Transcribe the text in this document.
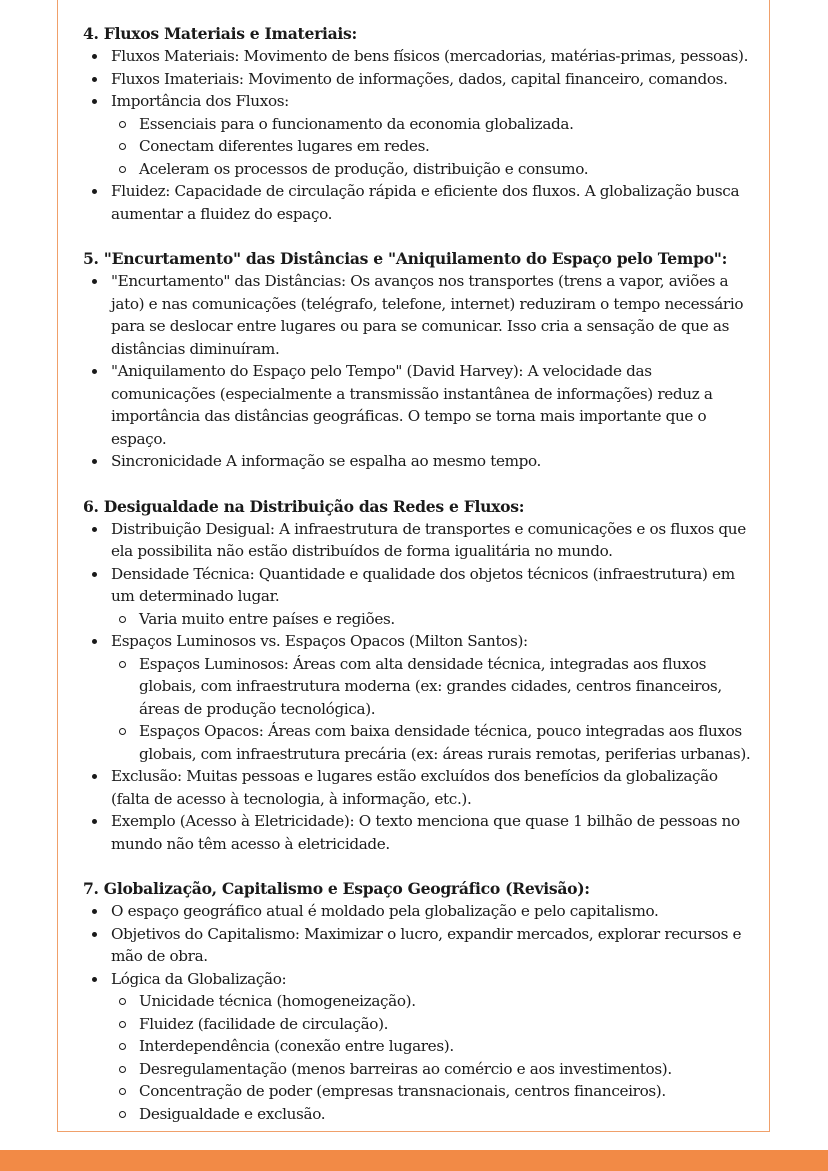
4. Fluxos Materiais e Imateriais:
Fluxos Materiais: Movimento de bens físicos (mercadorias, matérias-primas, pessoas).
Fluxos Imateriais: Movimento de informações, dados, capital financeiro, comandos.
Importância dos Fluxos:
Essenciais para o funcionamento da economia globalizada.
Conectam diferentes lugares em redes.
Aceleram os processos de produção, distribuição e consumo.
Fluidez: Capacidade de circulação rápida e eficiente dos fluxos. A globalização busca aumentar a fluidez do espaço.
5. "Encurtamento" das Distâncias e "Aniquilamento do Espaço pelo Tempo":
"Encurtamento" das Distâncias: Os avanços nos transportes (trens a vapor, aviões a jato) e nas comunicações (telégrafo, telefone, internet) reduziram o tempo necessário para se deslocar entre lugares ou para se comunicar. Isso cria a sensação de que as distâncias diminuíram.
"Aniquilamento do Espaço pelo Tempo" (David Harvey): A velocidade das comunicações (especialmente a transmissão instantânea de informações) reduz a importância das distâncias geográficas. O tempo se torna mais importante que o espaço.
Sincronicidade A informação se espalha ao mesmo tempo.
6. Desigualdade na Distribuição das Redes e Fluxos:
Distribuição Desigual: A infraestrutura de transportes e comunicações e os fluxos que ela possibilita não estão distribuídos de forma igualitária no mundo.
Densidade Técnica: Quantidade e qualidade dos objetos técnicos (infraestrutura) em um determinado lugar.
Varia muito entre países e regiões.
Espaços Luminosos vs. Espaços Opacos (Milton Santos):
Espaços Luminosos: Áreas com alta densidade técnica, integradas aos fluxos globais, com infraestrutura moderna (ex: grandes cidades, centros financeiros, áreas de produção tecnológica).
Espaços Opacos: Áreas com baixa densidade técnica, pouco integradas aos fluxos globais, com infraestrutura precária (ex: áreas rurais remotas, periferias urbanas).
Exclusão: Muitas pessoas e lugares estão excluídos dos benefícios da globalização (falta de acesso à tecnologia, à informação, etc.).
Exemplo (Acesso à Eletricidade): O texto menciona que quase 1 bilhão de pessoas no mundo não têm acesso à eletricidade.
7. Globalização, Capitalismo e Espaço Geográfico (Revisão):
O espaço geográfico atual é moldado pela globalização e pelo capitalismo.
Objetivos do Capitalismo: Maximizar o lucro, expandir mercados, explorar recursos e mão de obra.
Lógica da Globalização:
Unicidade técnica (homogeneização).
Fluidez (facilidade de circulação).
Interdependência (conexão entre lugares).
Desregulamentação (menos barreiras ao comércio e aos investimentos).
Concentração de poder (empresas transnacionais, centros financeiros).
Desigualdade e exclusão.
